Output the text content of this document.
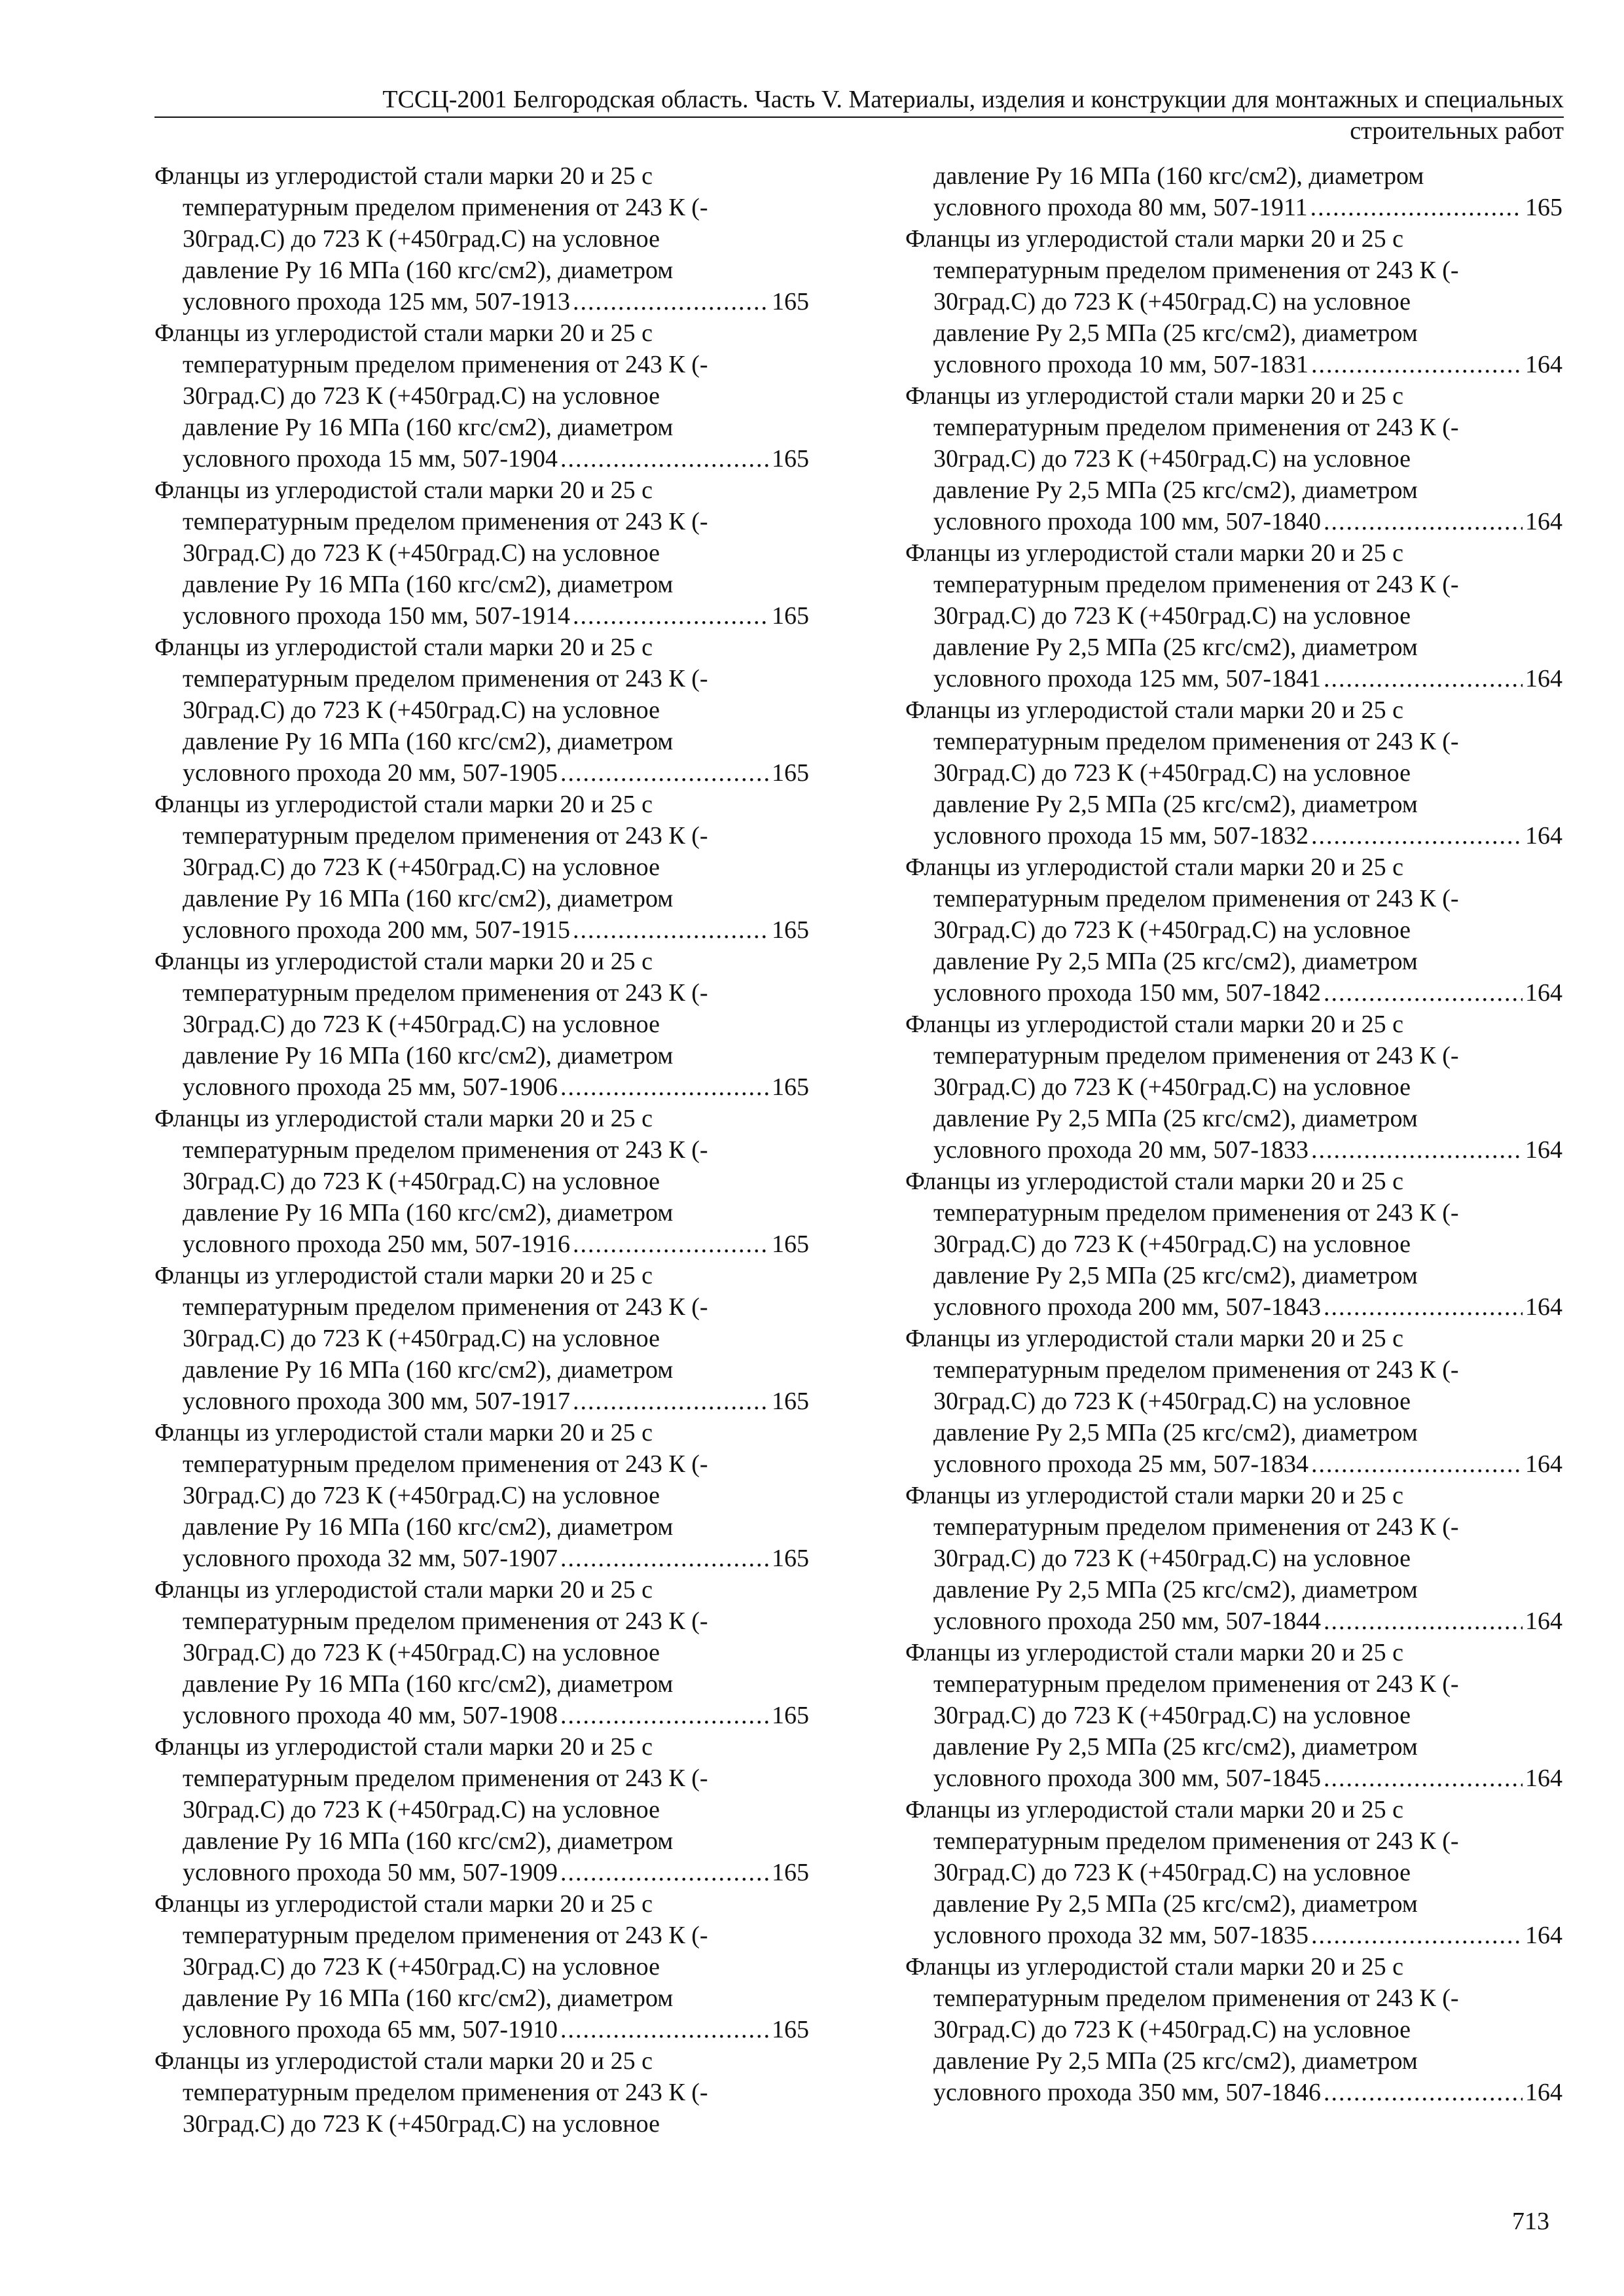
ТССЦ-2001 Белгородская область. Часть V. Материалы, изделия и конструкции для монтажных и специальных
строительных работ
Фланцы из углеродистой стали марки 20 и 25 с
температурным пределом применения от 243 К (-
30град.С) до 723 К (+450град.С) на условное
давление Ру 16 МПа (160 кгс/см2), диаметром
условного прохода 125 мм, 507-1913 .....	165
Фланцы из углеродистой стали марки 20 и 25 с
температурным пределом применения от 243 К (-
30град.С) до 723 К (+450град.С) на условное
давление Ру 16 МПа (160 кгс/см2), диаметром
условного прохода 15 мм, 507-1904 .....	165
Фланцы из углеродистой стали марки 20 и 25 с
температурным пределом применения от 243 К (-
30град.С) до 723 К (+450град.С) на условное
давление Ру 16 МПа (160 кгс/см2), диаметром
условного прохода 150 мм, 507-1914 .....	165
Фланцы из углеродистой стали марки 20 и 25 с
температурным пределом применения от 243 К (-
30град.С) до 723 К (+450град.С) на условное
давление Ру 16 МПа (160 кгс/см2), диаметром
условного прохода 20 мм, 507-1905 .....	165
Фланцы из углеродистой стали марки 20 и 25 с
температурным пределом применения от 243 К (-
30град.С) до 723 К (+450град.С) на условное
давление Ру 16 МПа (160 кгс/см2), диаметром
условного прохода 200 мм, 507-1915 .....	165
Фланцы из углеродистой стали марки 20 и 25 с
температурным пределом применения от 243 К (-
30град.С) до 723 К (+450град.С) на условное
давление Ру 16 МПа (160 кгс/см2), диаметром
условного прохода 25 мм, 507-1906 .....	165
Фланцы из углеродистой стали марки 20 и 25 с
температурным пределом применения от 243 К (-
30град.С) до 723 К (+450град.С) на условное
давление Ру 16 МПа (160 кгс/см2), диаметром
условного прохода 250 мм, 507-1916 .....	165
Фланцы из углеродистой стали марки 20 и 25 с
температурным пределом применения от 243 К (-
30град.С) до 723 К (+450град.С) на условное
давление Ру 16 МПа (160 кгс/см2), диаметром
условного прохода 300 мм, 507-1917 .....	165
Фланцы из углеродистой стали марки 20 и 25 с
температурным пределом применения от 243 К (-
30град.С) до 723 К (+450град.С) на условное
давление Ру 16 МПа (160 кгс/см2), диаметром
условного прохода 32 мм, 507-1907 .....	165
Фланцы из углеродистой стали марки 20 и 25 с
температурным пределом применения от 243 К (-
30град.С) до 723 К (+450град.С) на условное
давление Ру 16 МПа (160 кгс/см2), диаметром
условного прохода 40 мм, 507-1908 .....	165
Фланцы из углеродистой стали марки 20 и 25 с
температурным пределом применения от 243 К (-
30град.С) до 723 К (+450град.С) на условное
давление Ру 16 МПа (160 кгс/см2), диаметром
условного прохода 50 мм, 507-1909 .....	165
Фланцы из углеродистой стали марки 20 и 25 с
температурным пределом применения от 243 К (-
30град.С) до 723 К (+450град.С) на условное
давление Ру 16 МПа (160 кгс/см2), диаметром
условного прохода 65 мм, 507-1910 .....	165
Фланцы из углеродистой стали марки 20 и 25 с
температурным пределом применения от 243 К (-
30град.С) до 723 К (+450град.С) на условное
давление Ру 16 МПа (160 кгс/см2), диаметром
условного прохода 80 мм, 507-1911 .....	165
Фланцы из углеродистой стали марки 20 и 25 с
температурным пределом применения от 243 К (-
30град.С) до 723 К (+450град.С) на условное
давление Ру 2,5 МПа (25 кгс/см2), диаметром
условного прохода 10 мм, 507-1831 .....	164
Фланцы из углеродистой стали марки 20 и 25 с
температурным пределом применения от 243 К (-
30град.С) до 723 К (+450град.С) на условное
давление Ру 2,5 МПа (25 кгс/см2), диаметром
условного прохода 100 мм, 507-1840 .....	164
Фланцы из углеродистой стали марки 20 и 25 с
температурным пределом применения от 243 К (-
30град.С) до 723 К (+450град.С) на условное
давление Ру 2,5 МПа (25 кгс/см2), диаметром
условного прохода 125 мм, 507-1841 .....	164
Фланцы из углеродистой стали марки 20 и 25 с
температурным пределом применения от 243 К (-
30град.С) до 723 К (+450град.С) на условное
давление Ру 2,5 МПа (25 кгс/см2), диаметром
условного прохода 15 мм, 507-1832 .....	164
Фланцы из углеродистой стали марки 20 и 25 с
температурным пределом применения от 243 К (-
30град.С) до 723 К (+450град.С) на условное
давление Ру 2,5 МПа (25 кгс/см2), диаметром
условного прохода 150 мм, 507-1842 .....	164
Фланцы из углеродистой стали марки 20 и 25 с
температурным пределом применения от 243 К (-
30град.С) до 723 К (+450град.С) на условное
давление Ру 2,5 МПа (25 кгс/см2), диаметром
условного прохода 20 мм, 507-1833 .....	164
Фланцы из углеродистой стали марки 20 и 25 с
температурным пределом применения от 243 К (-
30град.С) до 723 К (+450град.С) на условное
давление Ру 2,5 МПа (25 кгс/см2), диаметром
условного прохода 200 мм, 507-1843 .....	164
Фланцы из углеродистой стали марки 20 и 25 с
температурным пределом применения от 243 К (-
30град.С) до 723 К (+450град.С) на условное
давление Ру 2,5 МПа (25 кгс/см2), диаметром
условного прохода 25 мм, 507-1834 .....	164
Фланцы из углеродистой стали марки 20 и 25 с
температурным пределом применения от 243 К (-
30град.С) до 723 К (+450град.С) на условное
давление Ру 2,5 МПа (25 кгс/см2), диаметром
условного прохода 250 мм, 507-1844 .....	164
Фланцы из углеродистой стали марки 20 и 25 с
температурным пределом применения от 243 К (-
30град.С) до 723 К (+450град.С) на условное
давление Ру 2,5 МПа (25 кгс/см2), диаметром
условного прохода 300 мм, 507-1845 .....	164
Фланцы из углеродистой стали марки 20 и 25 с
температурным пределом применения от 243 К (-
30град.С) до 723 К (+450град.С) на условное
давление Ру 2,5 МПа (25 кгс/см2), диаметром
условного прохода 32 мм, 507-1835 .....	164
Фланцы из углеродистой стали марки 20 и 25 с
температурным пределом применения от 243 К (-
30град.С) до 723 К (+450град.С) на условное
давление Ру 2,5 МПа (25 кгс/см2), диаметром
условного прохода 350 мм, 507-1846 .....	164
713
